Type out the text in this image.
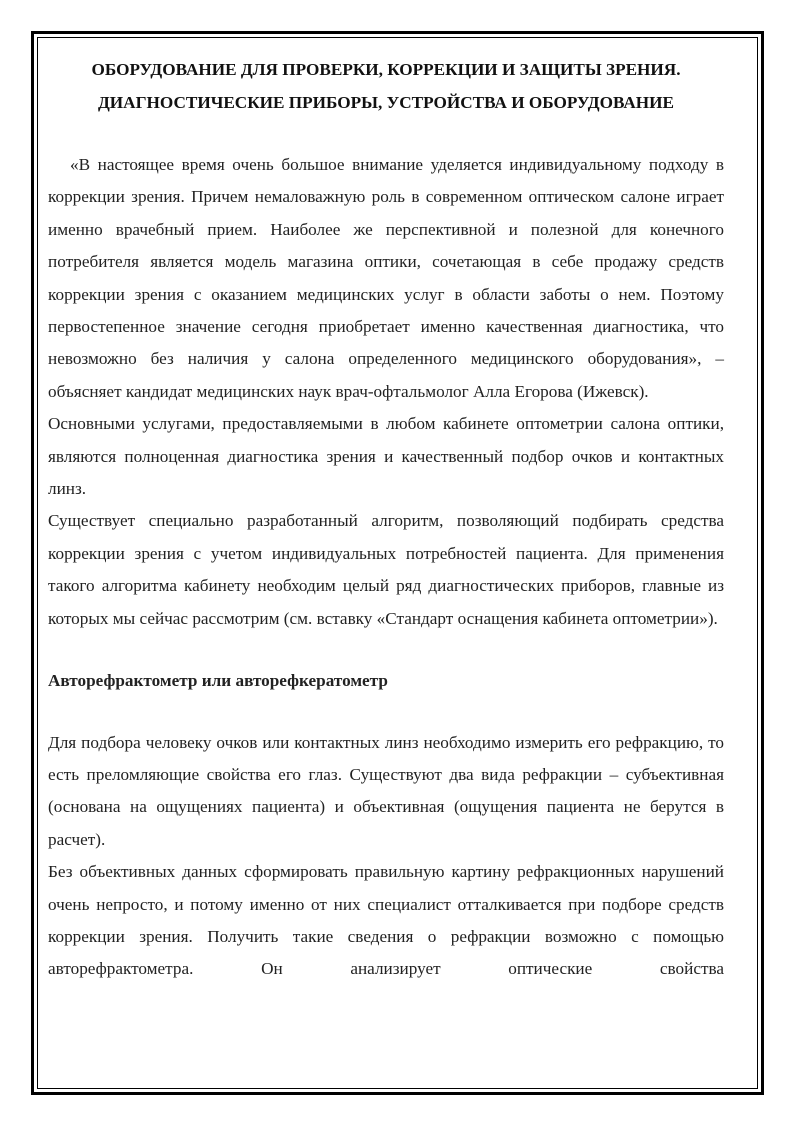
ОБОРУДОВАНИЕ ДЛЯ ПРОВЕРКИ, КОРРЕКЦИИ И ЗАЩИТЫ ЗРЕНИЯ.

ДИАГНОСТИЧЕСКИЕ ПРИБОРЫ, УСТРОЙСТВА И ОБОРУДОВАНИЕ

«В настоящее время очень большое внимание уделяется индивидуальному подходу в коррекции зрения. Причем немаловажную роль в современном оптическом салоне играет именно врачебный прием. Наиболее же перспективной и полезной для конечного потребителя является модель магазина оптики, сочетающая в себе продажу средств коррекции зрения с оказанием медицинских услуг в области заботы о нем. Поэтому первостепенное значение сегодня приобретает именно качественная диагностика, что невозможно без наличия у салона определенного медицинского оборудования», – объясняет кандидат медицинских наук врач-офтальмолог Алла Егорова (Ижевск).

Основными услугами, предоставляемыми в любом кабинете оптометрии салона оптики, являются полноценная диагностика зрения и качественный подбор очков и контактных линз.

Существует специально разработанный алгоритм, позволяющий подбирать средства коррекции зрения с учетом индивидуальных потребностей пациента. Для применения такого алгоритма кабинету необходим целый ряд диагностических приборов, главные из которых мы сейчас рассмотрим (см. вставку «Стандарт оснащения кабинета оптометрии»).

Авторефрактометр или авторефкератометр

Для подбора человеку очков или контактных линз необходимо измерить его рефракцию, то есть преломляющие свойства его глаз. Существуют два вида рефракции – субъективная (основана на ощущениях пациента) и объективная (ощущения пациента не берутся в расчет).

Без объективных данных сформировать правильную картину рефракционных нарушений очень непросто, и потому именно от них специалист отталкивается при подборе средств коррекции зрения. Получить такие сведения о рефракции возможно с помощью авторефрактометра. Он анализирует оптические свойства
